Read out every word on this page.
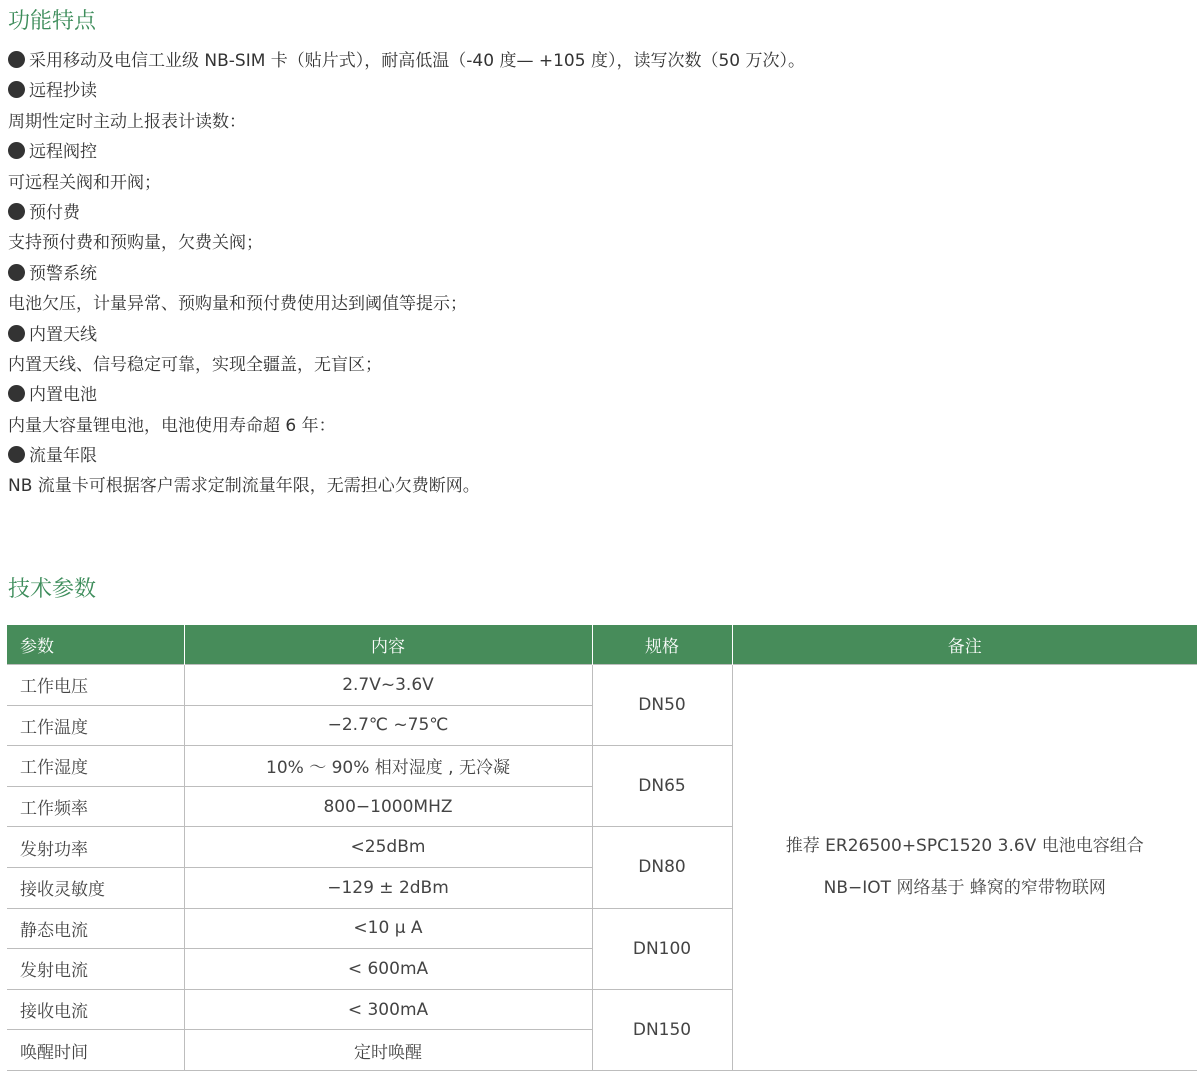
功能特点
采用移动及电信工业级 NB-SIM 卡（贴片式），耐高低温（-40 度— +105 度），读写次数（50 万次）。
远程抄读
周期性定时主动上报表计读数：
远程阀控
可远程关阀和开阀；
预付费
支持预付费和预购量，欠费关阀；
预警系统
电池欠压，计量异常、预购量和预付费使用达到阈值等提示；
内置天线
内置天线、信号稳定可靠，实现全疆盖，无盲区；
内置电池
内量大容量锂电池，电池使用寿命超 6 年：
流量年限
NB 流量卡可根据客户需求定制流量年限，无需担心欠费断网。
技术参数
参数	内容	规格	备注
工作电压	2.7V~3.6V	DN50	推荐 ER26500+SPC1520 3.6V 电池电容组合
NB−IOT 网络基于 蜂窝的窄带物联网

工作温度	−2.7℃ ~75℃		
工作湿度	10% ～ 90% 相对湿度 , 无冷凝	DN65	
工作频率	800−1000MHZ		
发射功率	<25dBm	DN80	
接收灵敏度	−129 ± 2dBm		
静态电流	<10 μ A	DN100	
发射电流	< 600mA		
接收电流	< 300mA	DN150	
唤醒时间	定时唤醒		
